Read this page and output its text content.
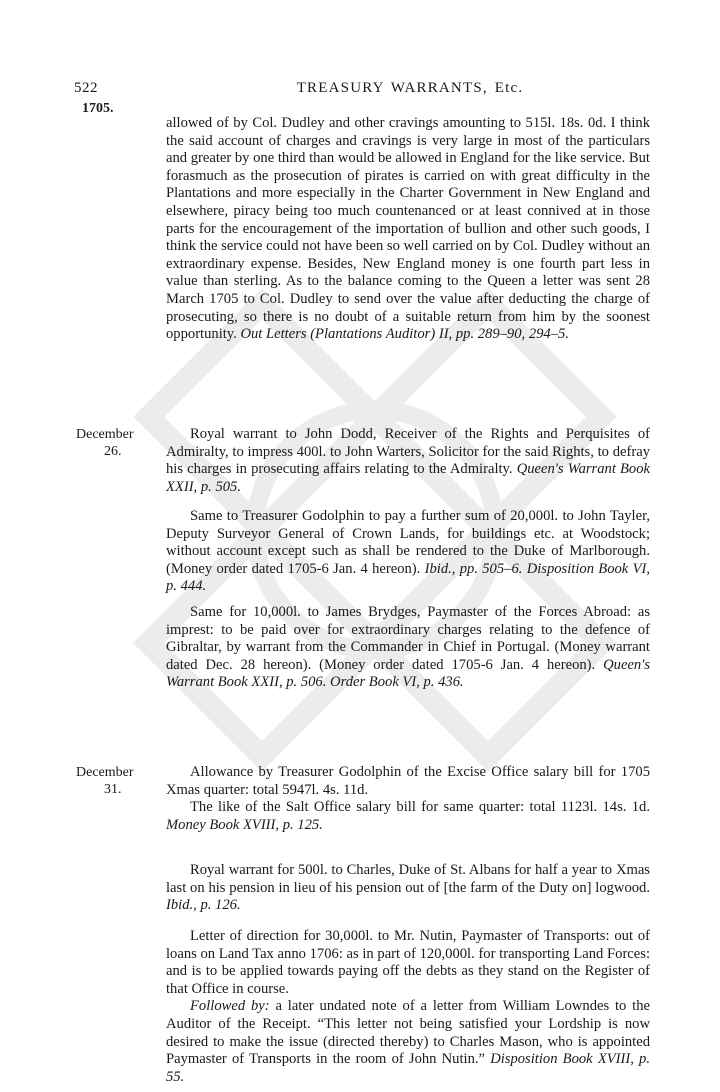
522	TREASURY WARRANTS, Etc.
1705.
December
26.
December
31.

allowed of by Col. Dudley and other cravings amounting to 515l. 18s. 0d. I think the said account of charges and cravings is very large in most of the particulars and greater by one third than would be allowed in England for the like service. But forasmuch as the prosecution of pirates is carried on with great difficulty in the Plantations and more especially in the Charter Government in New England and elsewhere, piracy being too much countenanced or at least connived at in those parts for the encouragement of the importation of bullion and other such goods, I think the service could not have been so well carried on by Col. Dudley without an extraordinary expense. Besides, New England money is one fourth part less in value than sterling. As to the balance coming to the Queen a letter was sent 28 March 1705 to Col. Dudley to send over the value after deducting the charge of prosecuting, so there is no doubt of a suitable return from him by the soonest opportunity. Out Letters (Plantations Auditor) II, pp. 289–90, 294–5.

Royal warrant to John Dodd, Receiver of the Rights and Perquisites of Admiralty, to impress 400l. to John Warters, Solicitor for the said Rights, to defray his charges in prosecuting affairs relating to the Admiralty. Queen's Warrant Book XXII, p. 505.

Same to Treasurer Godolphin to pay a further sum of 20,000l. to John Tayler, Deputy Surveyor General of Crown Lands, for buildings etc. at Woodstock; without account except such as shall be rendered to the Duke of Marlborough. (Money order dated 1705-6 Jan. 4 hereon). Ibid., pp. 505–6. Disposition Book VI, p. 444.

Same for 10,000l. to James Brydges, Paymaster of the Forces Abroad: as imprest: to be paid over for extraordinary charges relating to the defence of Gibraltar, by warrant from the Commander in Chief in Portugal. (Money warrant dated Dec. 28 hereon). (Money order dated 1705-6 Jan. 4 hereon). Queen's Warrant Book XXII, p. 506. Order Book VI, p. 436.

Allowance by Treasurer Godolphin of the Excise Office salary bill for 1705 Xmas quarter: total 5947l. 4s. 11d.

The like of the Salt Office salary bill for same quarter: total 1123l. 14s. 1d. Money Book XVIII, p. 125.

Royal warrant for 500l. to Charles, Duke of St. Albans for half a year to Xmas last on his pension in lieu of his pension out of [the farm of the Duty on] logwood. Ibid., p. 126.

Letter of direction for 30,000l. to Mr. Nutin, Paymaster of Transports: out of loans on Land Tax anno 1706: as in part of 120,000l. for transporting Land Forces: and is to be applied towards paying off the debts as they stand on the Register of that Office in course.

Followed by: a later undated note of a letter from William Lowndes to the Auditor of the Receipt. “This letter not being satisfied your Lordship is now desired to make the issue (directed thereby) to Charles Mason, who is appointed Paymaster of Transports in the room of John Nutin.” Disposition Book XVIII, p. 55.
